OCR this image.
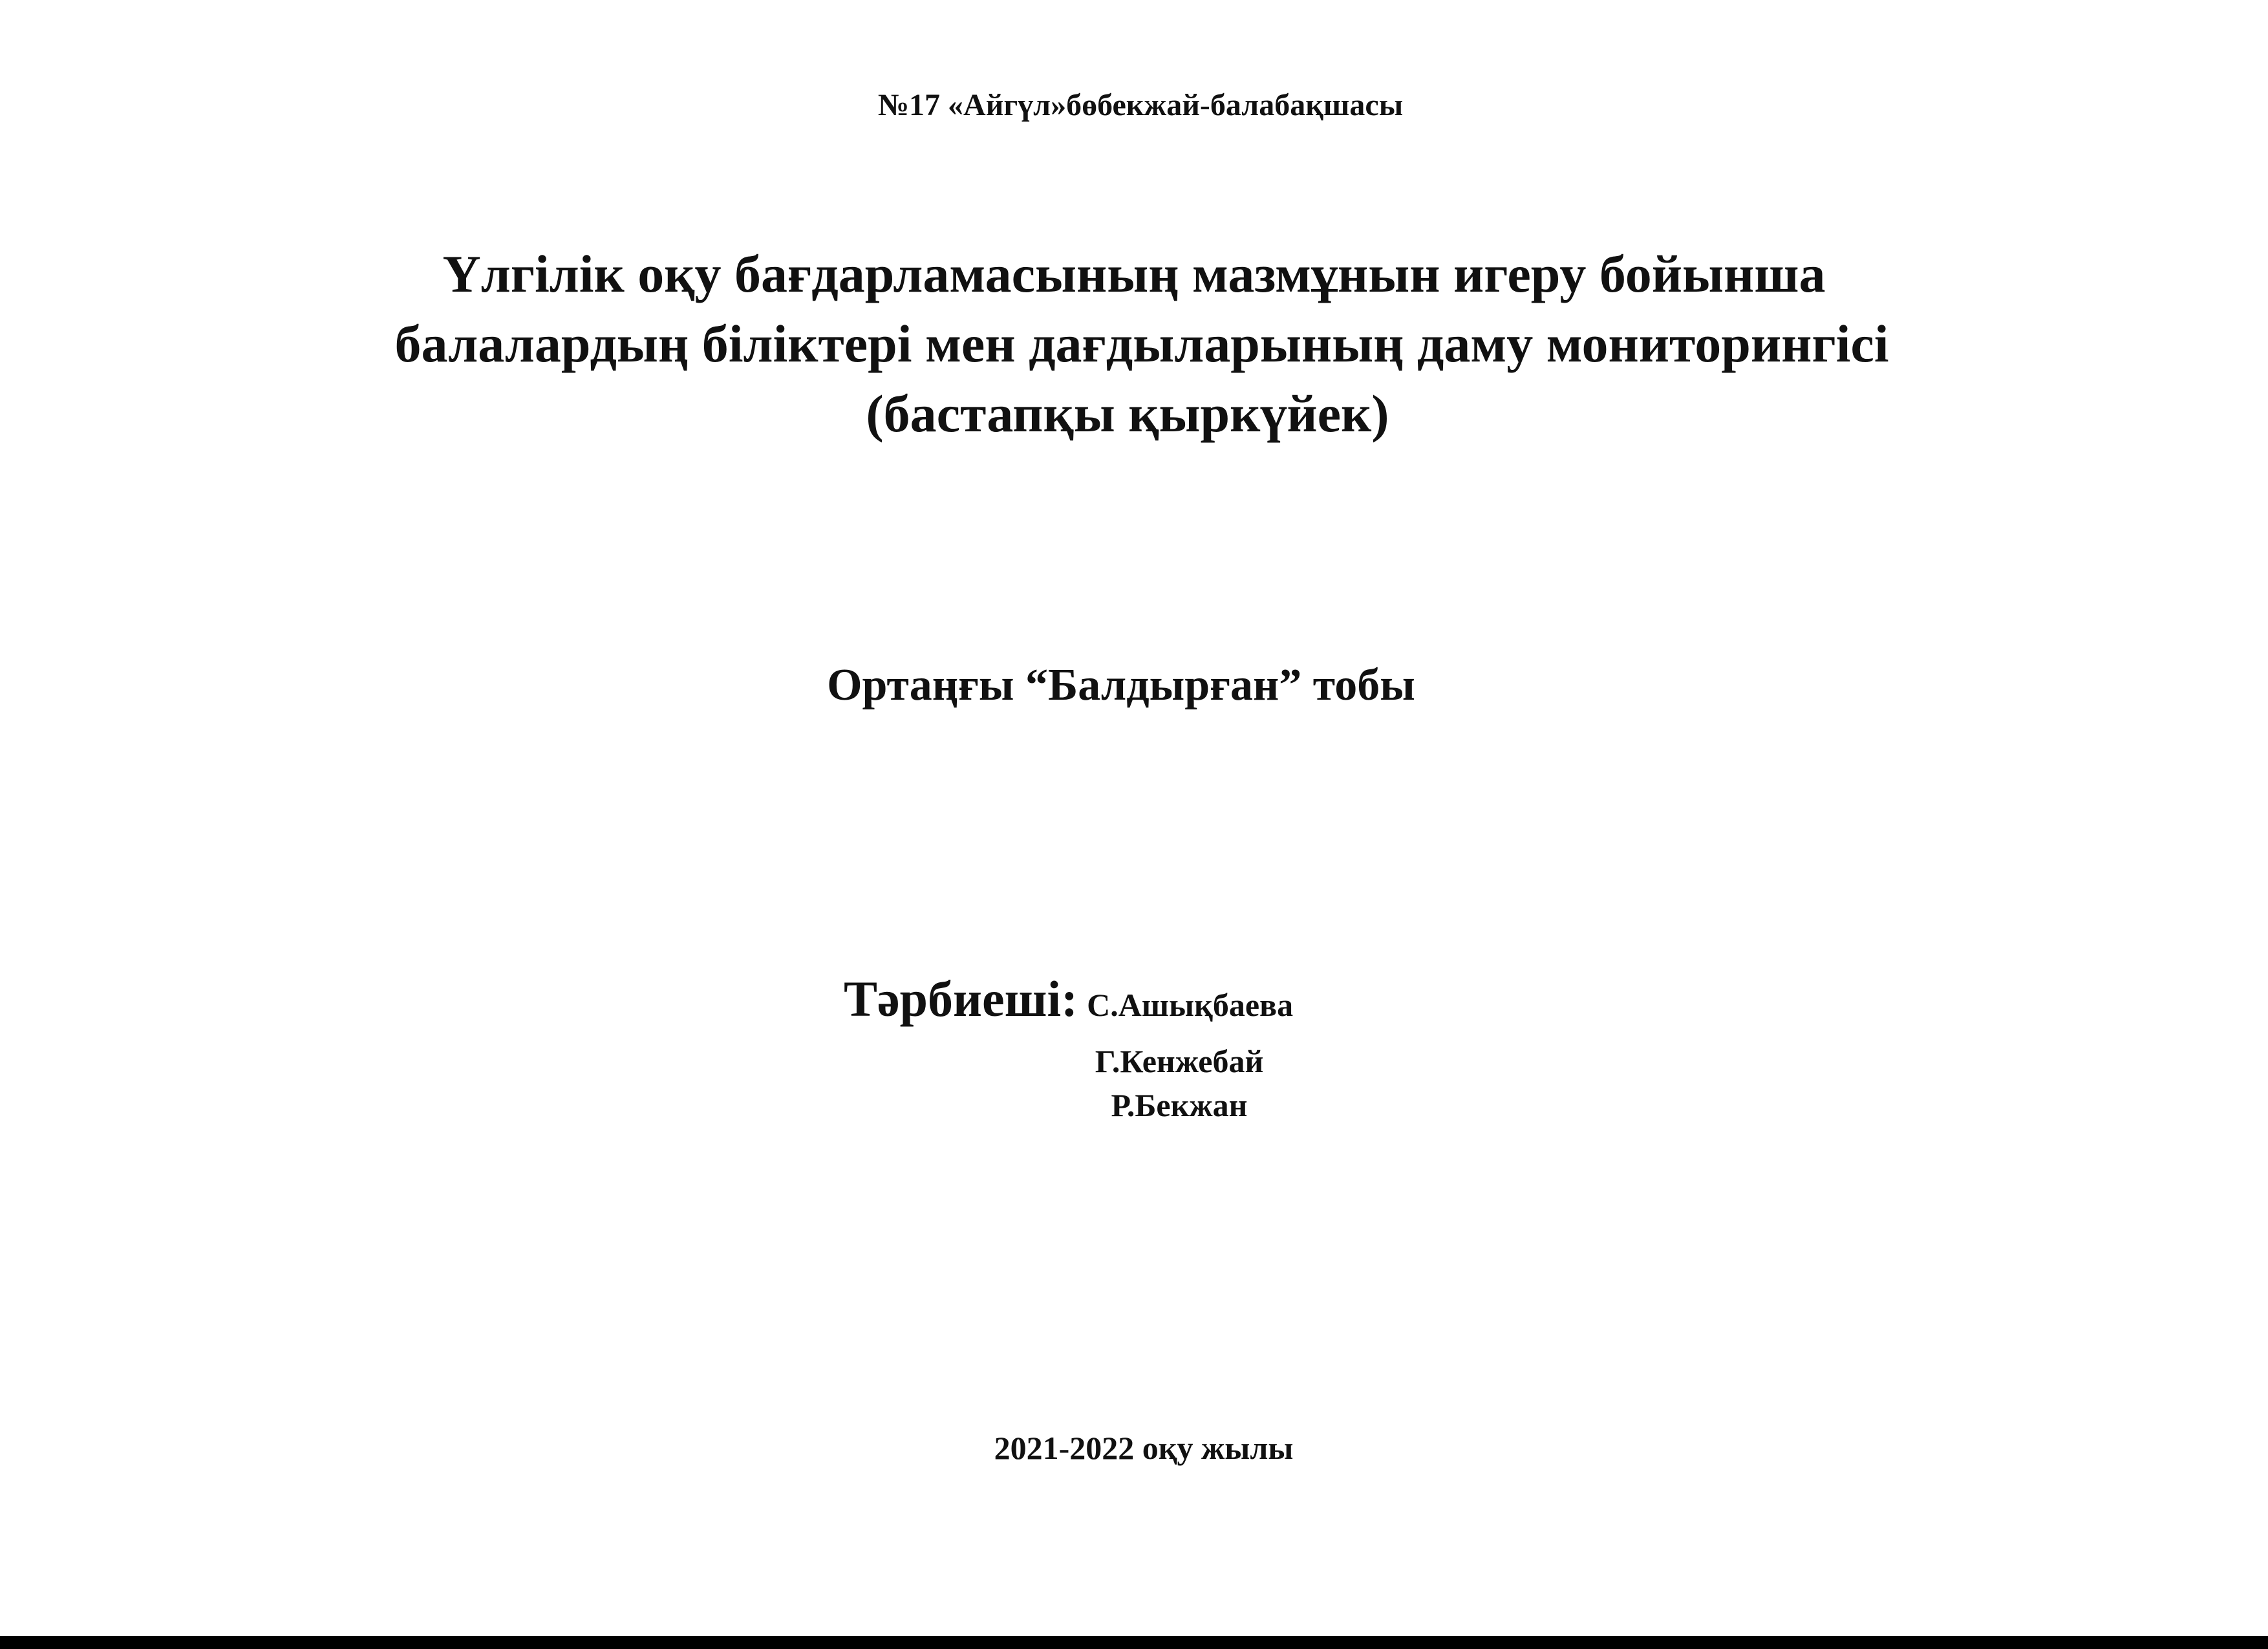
№17 «Айгүл»бөбекжай-балабақшасы

Үлгілік оқу бағдарламасының мазмұнын игеру бойынша
балалардың біліктері мен дағдыларының даму мониторингісі
(бастапқы қыркүйек)

Ортаңғы “Балдырған” тобы

Тәрбиеші: С.Ашықбаева
Г.Кенжебай
Р.Бекжан

2021-2022 оқу жылы
